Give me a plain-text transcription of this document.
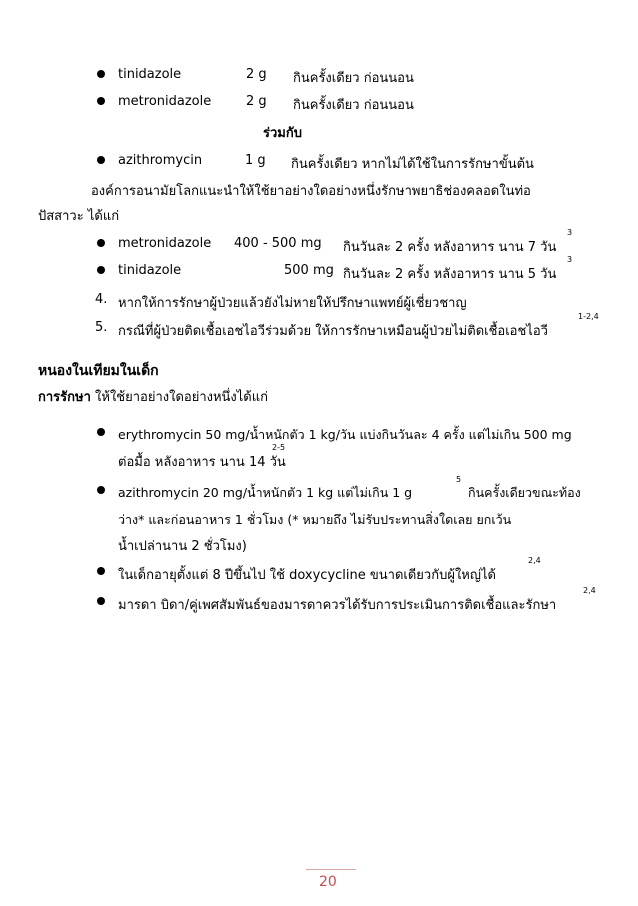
tinidazole	2 g กินครั้งเดียว ก่อนนอน
metronidazole	2 g กินครั้งเดียว ก่อนนอน
ร่วมกับ
azithromycin	1 g กินครั้งเดียว หากไม่ได้ใช้ในการรักษาขั้นต้น
องค์การอนามัยโลกแนะนำให้ใช้ยาอย่างใดอย่างหนึ่งรักษาพยาธิช่องคลอดในท่อ
ปัสสาวะ ได้แก่
metronidazole 400 - 500 mg กินวันละ 2 ครั้ง หลังอาหาร นาน 7 วัน
3
tinidazole	500 mg กินวันละ 2 ครั้ง หลังอาหาร นาน 5 วัน
3
4. หากให้การรักษาผู้ป่วยแล้วยังไม่หายให้ปรึกษาแพทย์ผู้เชี่ยวชาญ
5. กรณีที่ผู้ป่วยติดเชื้อเอชไอวีร่วมด้วย ให้การรักษาเหมือนผู้ป่วยไม่ติดเชื้อเอชไอวี
1-2,4
หนองในเทียมในเด็ก
การรักษา ให้ใช้ยาอย่างใดอย่างหนึ่งได้แก่
erythromycin 50 mg/น้ำหนักตัว 1 kg/วัน แบ่งกินวันละ 4 ครั้ง แต่ไม่เกิน 500 mg
ต่อมื้อ หลังอาหาร นาน 14 วัน
2-5
azithromycin 20 mg/น้ำหนักตัว 1 kg แต่ไม่เกิน 1 g
5
กินครั้งเดียวขณะท้อง
ว่าง* และก่อนอาหาร 1 ชั่วโมง (* หมายถึง ไม่รับประทานสิ่งใดเลย ยกเว้น
น้ำเปล่านาน 2 ชั่วโมง)
ในเด็กอายุตั้งแต่ 8 ปีขึ้นไป ใช้ doxycycline ขนาดเดียวกับผู้ใหญ่ได้
2,4
มารดา บิดา/คู่เพศสัมพันธ์ของมารดาควรได้รับการประเมินการติดเชื้อและรักษา
2,4
20
